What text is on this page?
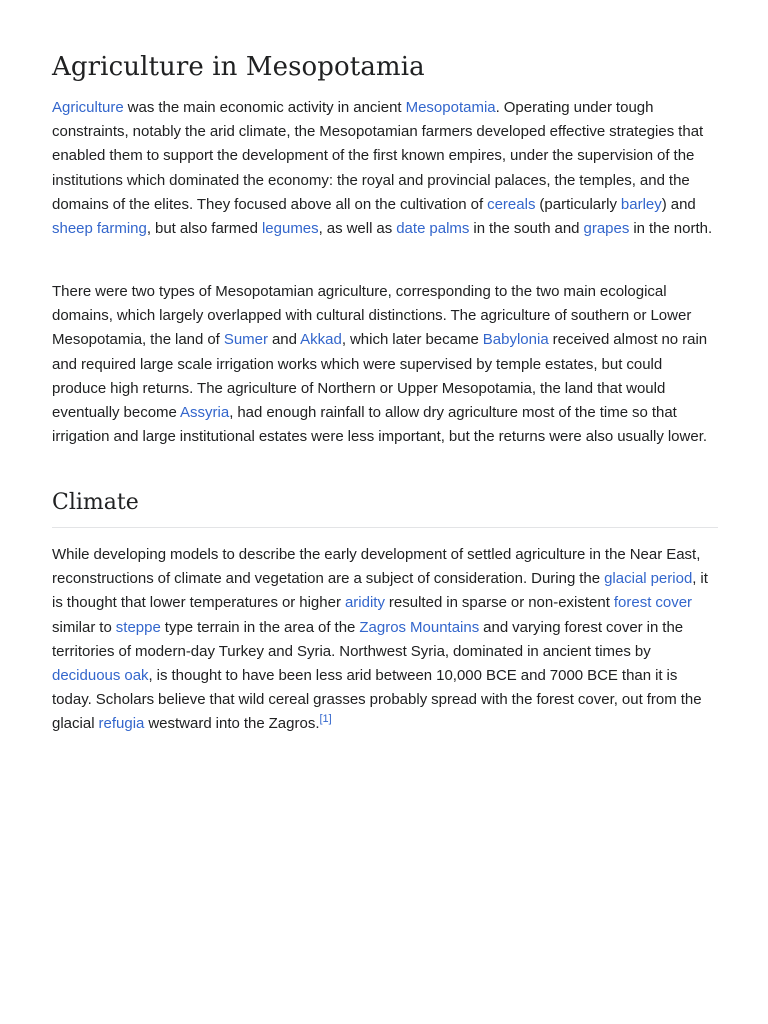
Agriculture in Mesopotamia

Agriculture was the main economic activity in ancient Mesopotamia. Operating under tough constraints, notably the arid climate, the Mesopotamian farmers developed effective strategies that enabled them to support the development of the first known empires, under the supervision of the institutions which dominated the economy: the royal and provincial palaces, the temples, and the domains of the elites. They focused above all on the cultivation of cereals (particularly barley) and sheep farming, but also farmed legumes, as well as date palms in the south and grapes in the north.

There were two types of Mesopotamian agriculture, corresponding to the two main ecological domains, which largely overlapped with cultural distinctions. The agriculture of southern or Lower Mesopotamia, the land of Sumer and Akkad, which later became Babylonia received almost no rain and required large scale irrigation works which were supervised by temple estates, but could produce high returns. The agriculture of Northern or Upper Mesopotamia, the land that would eventually become Assyria, had enough rainfall to allow dry agriculture most of the time so that irrigation and large institutional estates were less important, but the returns were also usually lower.

Climate

While developing models to describe the early development of settled agriculture in the Near East, reconstructions of climate and vegetation are a subject of consideration. During the glacial period, it is thought that lower temperatures or higher aridity resulted in sparse or non-existent forest cover similar to steppe type terrain in the area of the Zagros Mountains and varying forest cover in the territories of modern-day Turkey and Syria. Northwest Syria, dominated in ancient times by deciduous oak, is thought to have been less arid between 10,000 BCE and 7000 BCE than it is today. Scholars believe that wild cereal grasses probably spread with the forest cover, out from the glacial refugia westward into the Zagros.[1]
